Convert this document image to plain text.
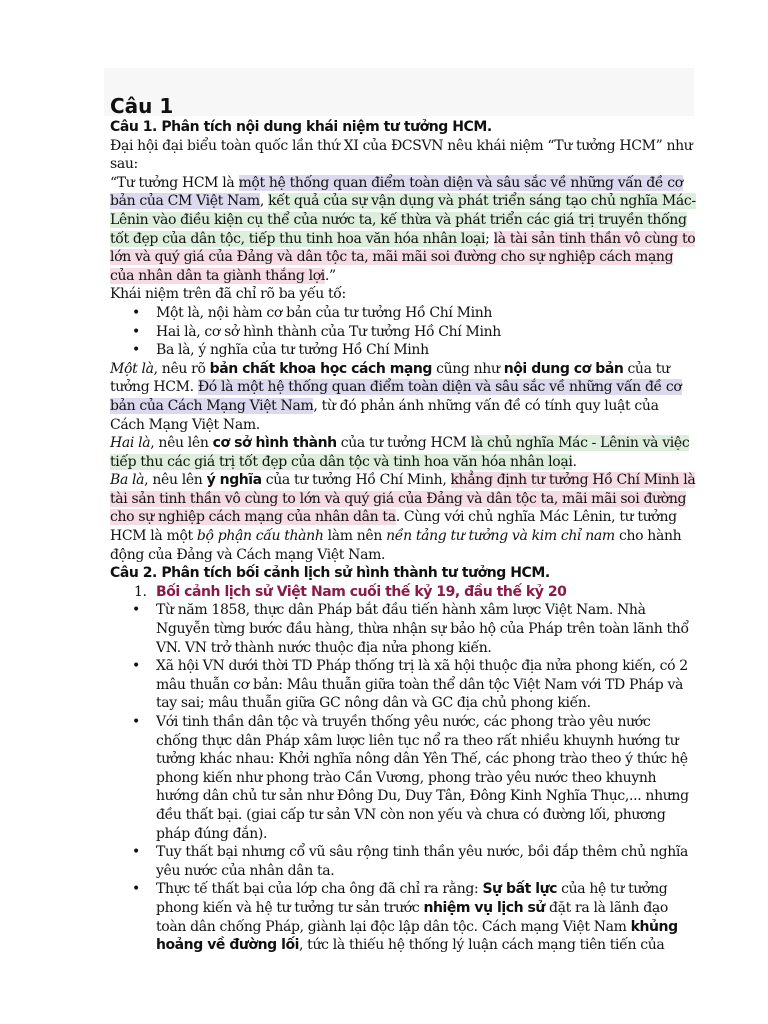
Câu 1

Câu 1. Phân tích nội dung khái niệm tư tưởng HCM.

Đại hội đại biểu toàn quốc lần thứ XI của ĐCSVN nêu khái niệm “Tư tưởng HCM” như sau:

“Tư tưởng HCM là một hệ thống quan điểm toàn diện và sâu sắc về những vấn đề cơ bản của CM Việt Nam, kết quả của sự vận dụng và phát triển sáng tạo chủ nghĩa Mác-Lênin vào điều kiện cụ thể của nước ta, kế thừa và phát triển các giá trị truyền thống tốt đẹp của dân tộc, tiếp thu tinh hoa văn hóa nhân loại; là tài sản tinh thần vô cùng to lớn và quý giá của Đảng và dân tộc ta, mãi mãi soi đường cho sự nghiệp cách mạng của nhân dân ta giành thắng lợi.”

Khái niệm trên đã chỉ rõ ba yếu tố:

• Một là, nội hàm cơ bản của tư tưởng Hồ Chí Minh
• Hai là, cơ sở hình thành của Tư tưởng Hồ Chí Minh
• Ba là, ý nghĩa của tư tưởng Hồ Chí Minh

Một là, nêu rõ bản chất khoa học cách mạng cũng như nội dung cơ bản của tư tưởng HCM. Đó là một hệ thống quan điểm toàn diện và sâu sắc về những vấn đề cơ bản của Cách Mạng Việt Nam, từ đó phản ánh những vấn đề có tính quy luật của Cách Mạng Việt Nam.

Hai là, nêu lên cơ sở hình thành của tư tưởng HCM là chủ nghĩa Mác - Lênin và việc tiếp thu các giá trị tốt đẹp của dân tộc và tinh hoa văn hóa nhân loại.

Ba là, nêu lên ý nghĩa của tư tưởng Hồ Chí Minh, khẳng định tư tưởng Hồ Chí Minh là tài sản tinh thần vô cùng to lớn và quý giá của Đảng và dân tộc ta, mãi mãi soi đường cho sự nghiệp cách mạng của nhân dân ta. Cùng với chủ nghĩa Mác Lênin, tư tưởng HCM là một bộ phận cấu thành làm nên nền tảng tư tưởng và kim chỉ nam cho hành động của Đảng và Cách mạng Việt Nam.

Câu 2. Phân tích bối cảnh lịch sử hình thành tư tưởng HCM.

1. Bối cảnh lịch sử Việt Nam cuối thế kỷ 19, đầu thế kỷ 20
• Từ năm 1858, thực dân Pháp bắt đầu tiến hành xâm lược Việt Nam. Nhà Nguyễn từng bước đầu hàng, thừa nhận sự bảo hộ của Pháp trên toàn lãnh thổ VN. VN trở thành nước thuộc địa nửa phong kiến.
• Xã hội VN dưới thời TD Pháp thống trị là xã hội thuộc địa nửa phong kiến, có 2 mâu thuẫn cơ bản: Mâu thuẫn giữa toàn thể dân tộc Việt Nam với TD Pháp và tay sai; mâu thuẫn giữa GC nông dân và GC địa chủ phong kiến.
• Với tinh thần dân tộc và truyền thống yêu nước, các phong trào yêu nước chống thực dân Pháp xâm lược liên tục nổ ra theo rất nhiều khuynh hướng tư tưởng khác nhau: Khởi nghĩa nông dân Yên Thế, các phong trào theo ý thức hệ phong kiến như phong trào Cần Vương, phong trào yêu nước theo khuynh hướng dân chủ tư sản như Đông Du, Duy Tân, Đông Kinh Nghĩa Thục,... nhưng đều thất bại. (giai cấp tư sản VN còn non yếu và chưa có đường lối, phương pháp đúng đắn).
• Tuy thất bại nhưng cổ vũ sâu rộng tinh thần yêu nước, bồi đắp thêm chủ nghĩa yêu nước của nhân dân ta.
• Thực tế thất bại của lớp cha ông đã chỉ ra rằng: Sự bất lực của hệ tư tưởng phong kiến và hệ tư tưởng tư sản trước nhiệm vụ lịch sử đặt ra là lãnh đạo toàn dân chống Pháp, giành lại độc lập dân tộc. Cách mạng Việt Nam khủng hoảng về đường lối, tức là thiếu hệ thống lý luận cách mạng tiên tiến của
